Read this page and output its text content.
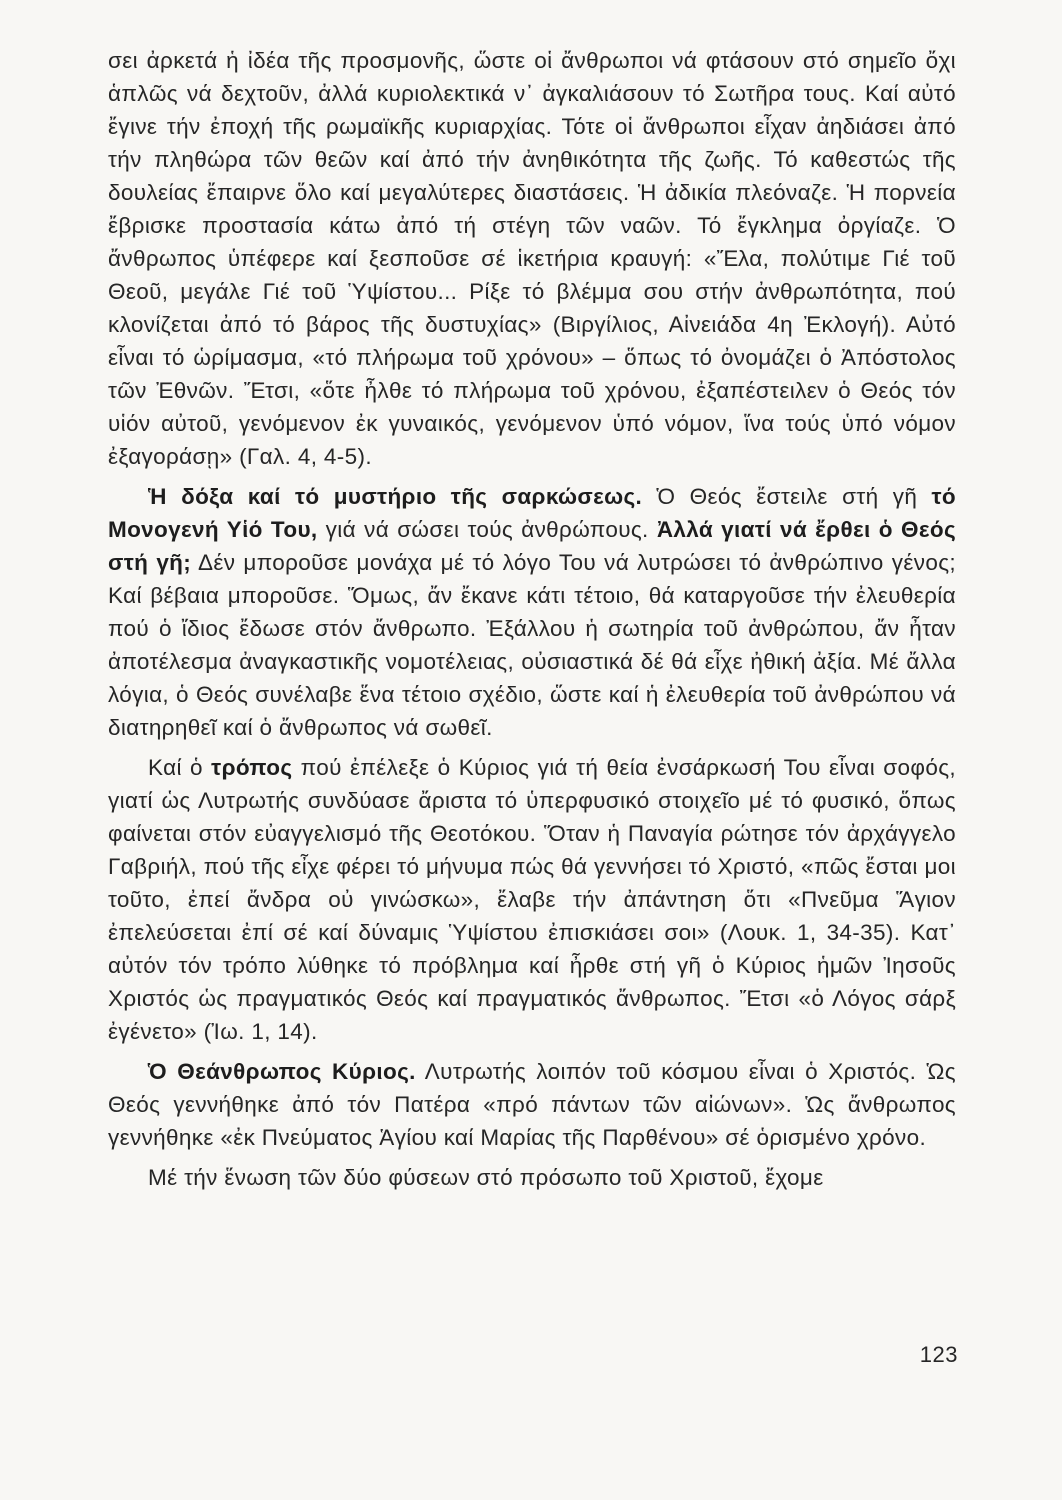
σει ἀρκετά ἡ ἰδέα τῆς προσμονῆς, ὥστε οἱ ἄνθρωποι νά φτάσουν στό σημεῖο ὄχι ἁπλῶς νά δεχτοῦν, ἀλλά κυριολεκτικά ν᾽ ἀγκαλιάσουν τό Σωτῆρα τους. Καί αὐτό ἔγινε τήν ἐποχή τῆς ρωμαϊκῆς κυριαρχίας. Τότε οἱ ἄνθρωποι εἶχαν ἀηδιάσει ἀπό τήν πληθώρα τῶν θεῶν καί ἀπό τήν ἀνηθικότητα τῆς ζωῆς. Τό καθεστώς τῆς δουλείας ἔπαιρνε ὅλο καί μεγαλύτερες διαστάσεις. Ἡ ἀδικία πλεόναζε. Ἡ πορνεία ἔβρισκε προστασία κάτω ἀπό τή στέγη τῶν ναῶν. Τό ἔγκλημα ὀργίαζε. Ὁ ἄνθρωπος ὑπέφερε καί ξεσποῦσε σέ ἱκετήρια κραυγή: «Ἔλα, πολύτιμε Γιέ τοῦ Θεοῦ, μεγάλε Γιέ τοῦ Ὑψίστου... Ρίξε τό βλέμμα σου στήν ἀνθρωπότητα, πού κλονίζεται ἀπό τό βάρος τῆς δυστυχίας» (Βιργίλιος, Αἰνειάδα 4η Ἐκλογή). Αὐτό εἶναι τό ὡρίμασμα, «τό πλήρωμα τοῦ χρόνου» – ὅπως τό ὀνομάζει ὁ Ἀπόστολος τῶν Ἐθνῶν. Ἔτσι, «ὅτε ἦλθε τό πλήρωμα τοῦ χρόνου, ἐξαπέστειλεν ὁ Θεός τόν υἱόν αὐτοῦ, γενόμενον ἐκ γυναικός, γενόμενον ὑπό νόμον, ἵνα τούς ὑπό νόμον ἐξαγοράσῃ» (Γαλ. 4, 4-5).

Ἡ δόξα καί τό μυστήριο τῆς σαρκώσεως. Ὁ Θεός ἔστειλε στή γῆ τό Μονογενή Υἱό Του, γιά νά σώσει τούς ἀνθρώπους. Ἀλλά γιατί νά ἔρθει ὁ Θεός στή γῆ; Δέν μποροῦσε μονάχα μέ τό λόγο Του νά λυτρώσει τό ἀνθρώπινο γένος; Καί βέβαια μποροῦσε. Ὅμως, ἄν ἔκανε κάτι τέτοιο, θά καταργοῦσε τήν ἐλευθερία πού ὁ ἴδιος ἔδωσε στόν ἄνθρωπο. Ἐξάλλου ἡ σωτηρία τοῦ ἀνθρώπου, ἄν ἦταν ἀποτέλεσμα ἀναγκαστικῆς νομοτέλειας, οὐσιαστικά δέ θά εἶχε ἠθική ἀξία. Μέ ἄλλα λόγια, ὁ Θεός συνέλαβε ἕνα τέτοιο σχέδιο, ὥστε καί ἡ ἐλευθερία τοῦ ἀνθρώπου νά διατηρηθεῖ καί ὁ ἄνθρωπος νά σωθεῖ.

Καί ὁ τρόπος πού ἐπέλεξε ὁ Κύριος γιά τή θεία ἐνσάρκωσή Του εἶναι σοφός, γιατί ὡς Λυτρωτής συνδύασε ἄριστα τό ὑπερφυσικό στοιχεῖο μέ τό φυσικό, ὅπως φαίνεται στόν εὐαγγελισμό τῆς Θεοτόκου. Ὅταν ἡ Παναγία ρώτησε τόν ἀρχάγγελο Γαβριήλ, πού τῆς εἶχε φέρει τό μήνυμα πώς θά γεννήσει τό Χριστό, «πῶς ἔσται μοι τοῦτο, ἐπεί ἄνδρα οὐ γινώσκω», ἔλαβε τήν ἀπάντηση ὅτι «Πνεῦμα Ἅγιον ἐπελεύσεται ἐπί σέ καί δύναμις Ὑψίστου ἐπισκιάσει σοι» (Λουκ. 1, 34-35). Κατ᾽ αὐτόν τόν τρόπο λύθηκε τό πρόβλημα καί ἦρθε στή γῆ ὁ Κύριος ἡμῶν Ἰησοῦς Χριστός ὡς πραγματικός Θεός καί πραγματικός ἄνθρωπος. Ἔτσι «ὁ Λόγος σάρξ ἐγένετο» (Ἰω. 1, 14).

Ὁ Θεάνθρωπος Κύριος. Λυτρωτής λοιπόν τοῦ κόσμου εἶναι ὁ Χριστός. Ὡς Θεός γεννήθηκε ἀπό τόν Πατέρα «πρό πάντων τῶν αἰώνων». Ὡς ἄνθρωπος γεννήθηκε «ἐκ Πνεύματος Ἁγίου καί Μαρίας τῆς Παρθένου» σέ ὁρισμένο χρόνο.

Μέ τήν ἕνωση τῶν δύο φύσεων στό πρόσωπο τοῦ Χριστοῦ, ἔχομε

123
